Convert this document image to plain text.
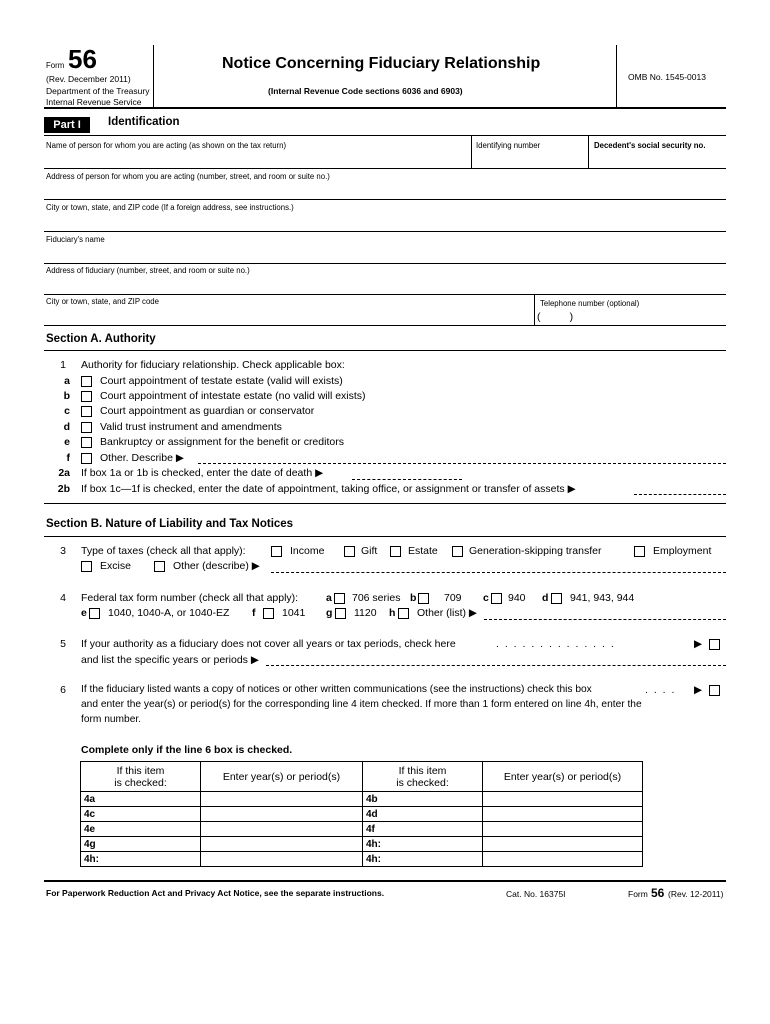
Form 56
(Rev. December 2011)
Department of the Treasury
Internal Revenue Service
Notice Concerning Fiduciary Relationship
(Internal Revenue Code sections 6036 and 6903)
OMB No. 1545-0013
Part I	Identification
Name of person for whom you are acting (as shown on the tax return)	Identifying number	Decedent's social security no.
Address of person for whom you are acting (number, street, and room or suite no.)
City or town, state, and ZIP code (If a foreign address, see instructions.)
Fiduciary's name
Address of fiduciary (number, street, and room or suite no.)
City or town, state, and ZIP code	Telephone number (optional)
(          )
Section A. Authority
1 Authority for fiduciary relationship. Check applicable box:
a	Court appointment of testate estate (valid will exists)
b	Court appointment of intestate estate (no valid will exists)
c	Court appointment as guardian or conservator
d	Valid trust instrument and amendments
e	Bankruptcy or assignment for the benefit or creditors
f	Other. Describe ▶
2a If box 1a or 1b is checked, enter the date of death ▶
2b If box 1c—1f is checked, enter the date of appointment, taking office, or assignment or transfer of assets ▶
Section B. Nature of Liability and Tax Notices
3 Type of taxes (check all that apply):	Income	Gift	Estate	Generation-skipping transfer	Employment
Excise	Other (describe) ▶
4 Federal tax form number (check all that apply):	a 706 series b	709 c 940 d 941, 943, 944
e 1040, 1040-A, or 1040-EZ f	1041 g 1120 h Other (list) ▶
5 If your authority as a fiduciary does not cover all years or tax periods, check here	. . . . . . . . . . . . . .	▶
and list the specific years or periods ▶
6 If the fiduciary listed wants a copy of notices or other written communications (see the instructions) check this box	. . . . ▶
and enter the year(s) or period(s) for the corresponding line 4 item checked. If more than 1 form entered on line 4h, enter the
form number.
Complete only if the line 6 box is checked.
If this item
is checked:	Enter year(s) or period(s)	If this item
is checked:	Enter year(s) or period(s)
4a		4b	
4c		4d	
4e		4f	
4g		4h:	
4h:		4h:	
For Paperwork Reduction Act and Privacy Act Notice, see the separate instructions.	Cat. No. 16375I	Form 56 (Rev. 12-2011)
